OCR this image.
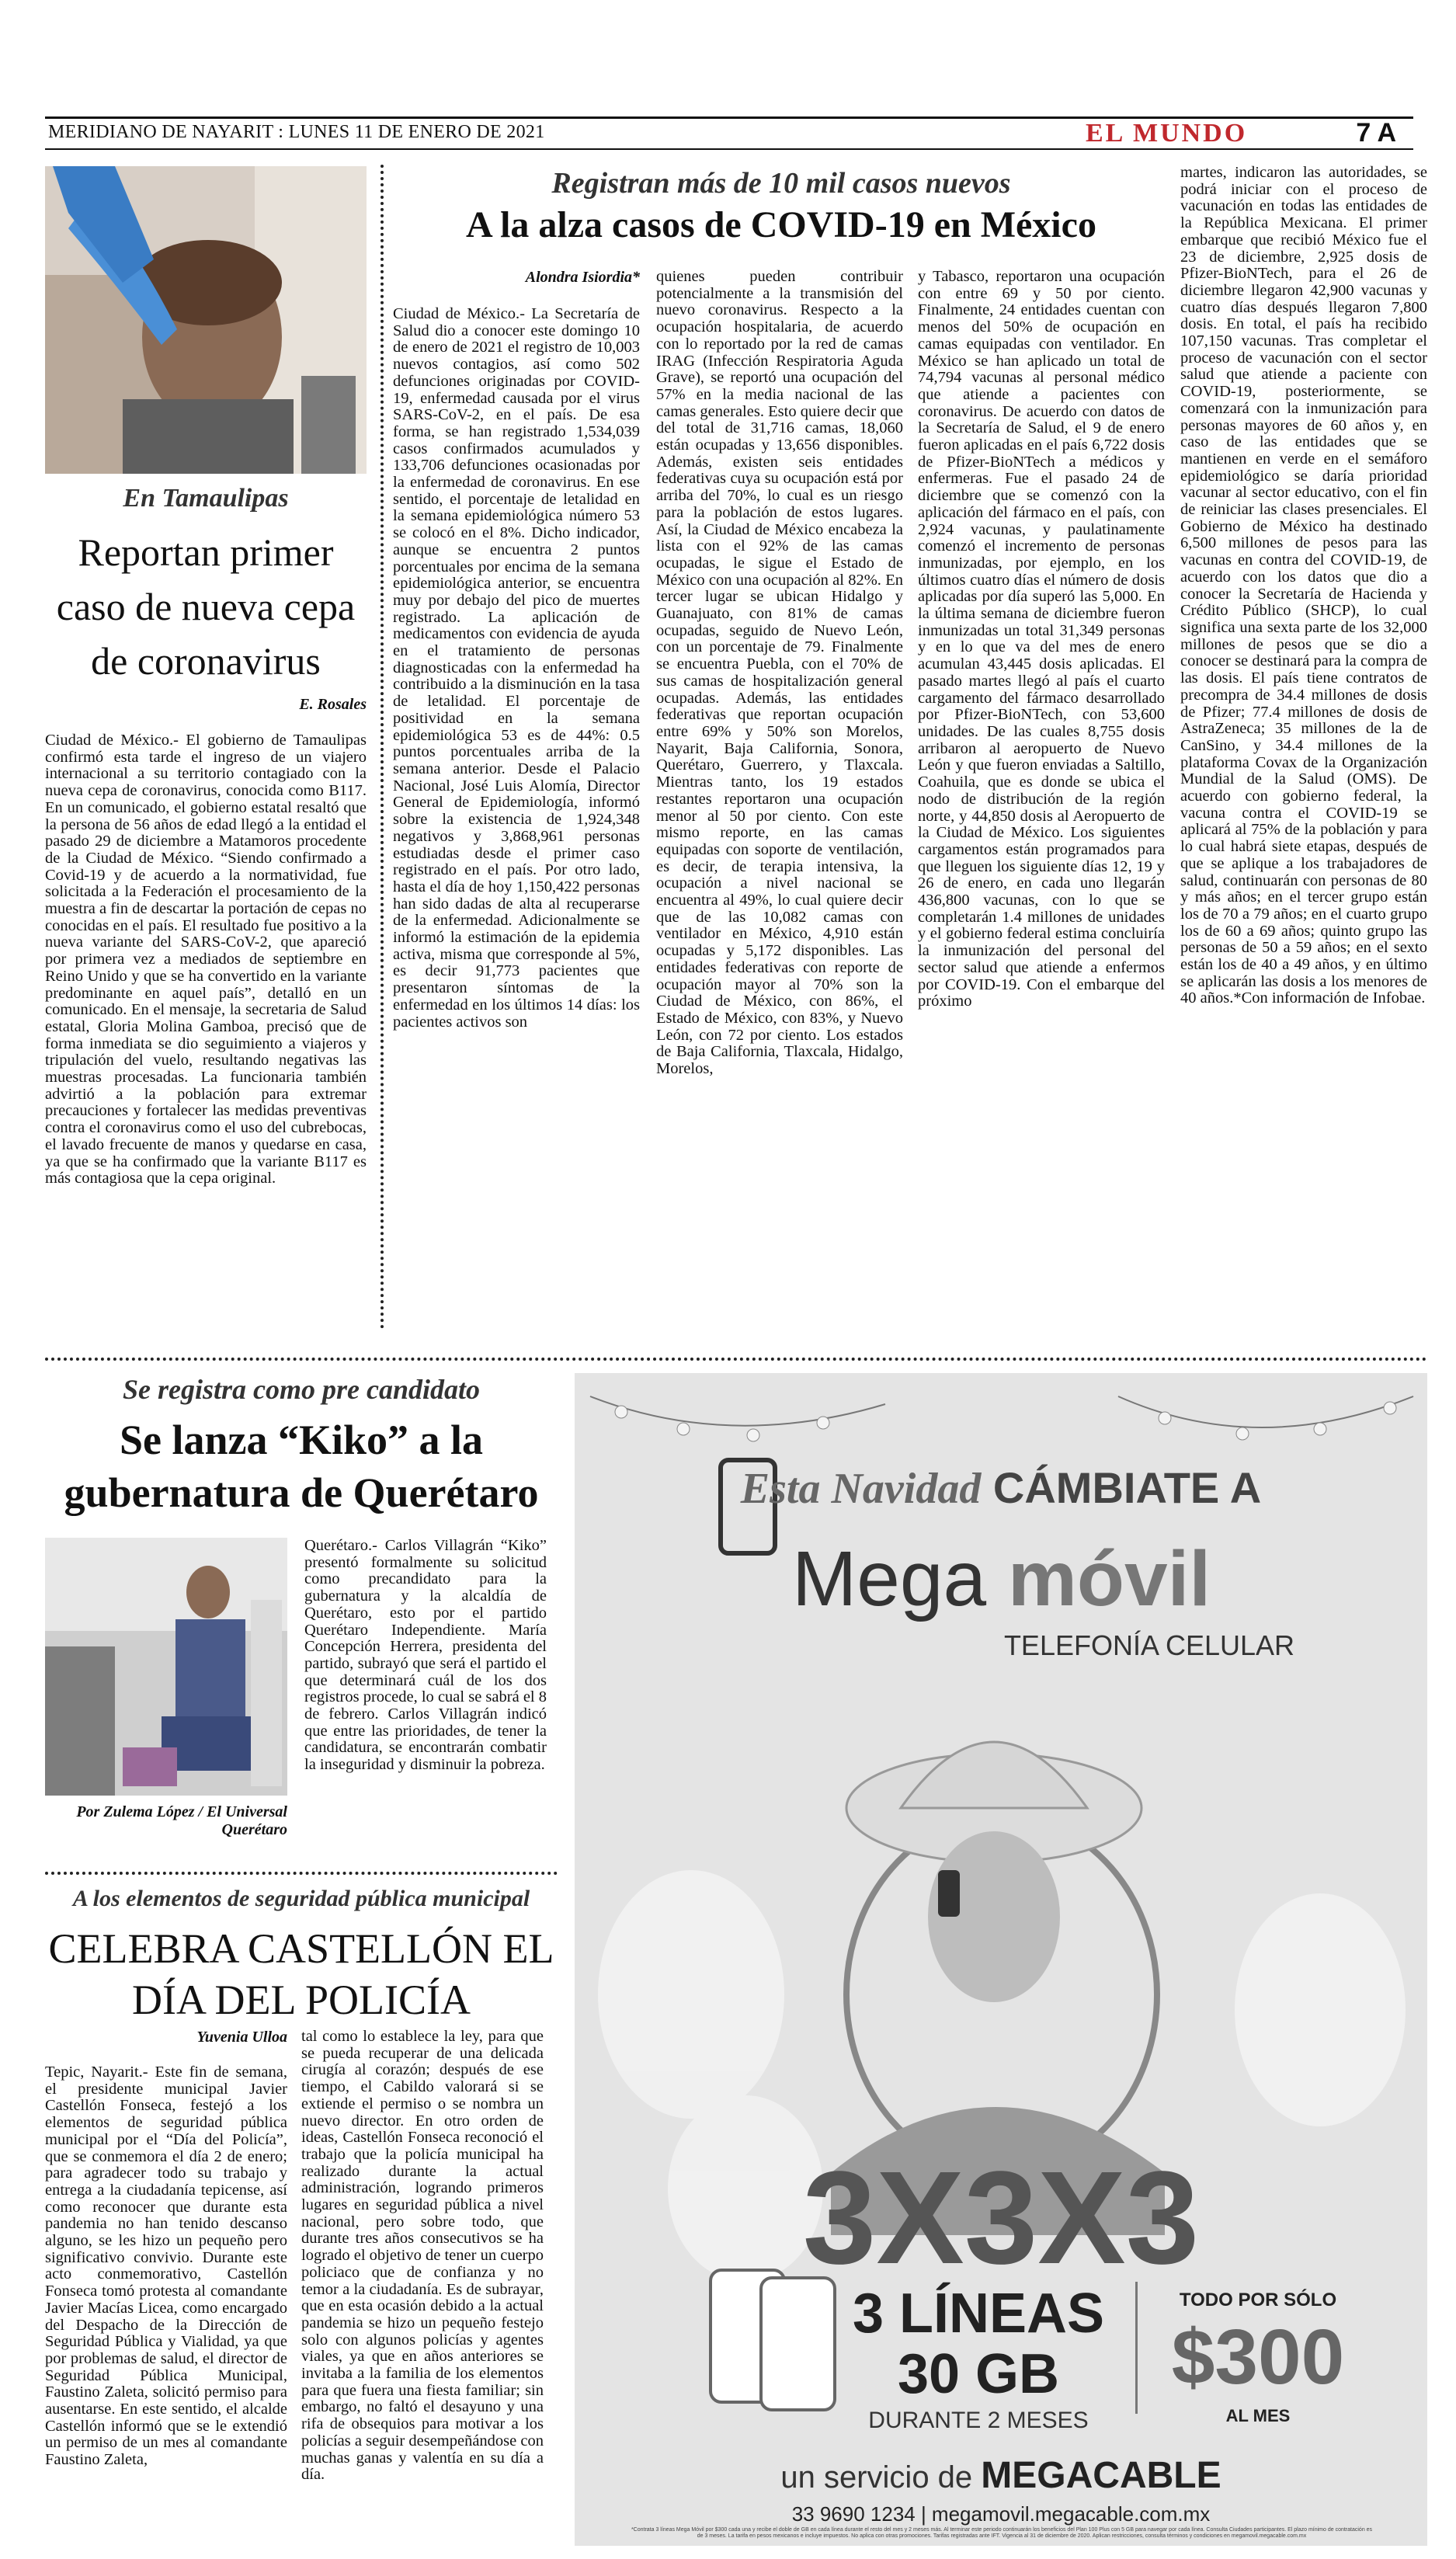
MERIDIANO DE NAYARIT : LUNES 11 DE ENERO DE 2021	EL MUNDO	7 A
En Tamaulipas
Reportan primer caso de nueva cepa de coronavirus
E. Rosales
Ciudad de México.- El gobierno de Tamaulipas confirmó esta tarde el ingreso de un viajero internacional a su territorio contagiado con la nueva cepa de coronavirus, conocida como B117. En un comunicado, el gobierno estatal resaltó que la persona de 56 años de edad llegó a la entidad el pasado 29 de diciembre a Matamoros procedente de la Ciudad de México. “Siendo confirmado a Covid-19 y de acuerdo a la normatividad, fue solicitada a la Federación el procesamiento de la muestra a fin de descartar la portación de cepas no conocidas en el país. El resultado fue positivo a la nueva variante del SARS-CoV-2, que apareció por primera vez a mediados de septiembre en Reino Unido y que se ha convertido en la variante predominante en aquel país”, detalló en un comunicado. En el mensaje, la secretaria de Salud estatal, Gloria Molina Gamboa, precisó que de forma inmediata se dio seguimiento a viajeros y tripulación del vuelo, resultando negativas las muestras procesadas. La funcionaria también advirtió a la población para extremar precauciones y fortalecer las medidas preventivas contra el coronavirus como el uso del cubrebocas, el lavado frecuente de manos y quedarse en casa, ya que se ha confirmado que la variante B117 es más contagiosa que la cepa original.
Registran más de 10 mil casos nuevos
A la alza casos de COVID-19 en México
Alondra Isiordia*
Ciudad de México.- La Secretaría de Salud dio a conocer este domingo 10 de enero de 2021 el registro de 10,003 nuevos contagios, así como 502 defunciones originadas por COVID-19, enfermedad causada por el virus SARS-CoV-2, en el país. De esa forma, se han registrado 1,534,039 casos confirmados acumulados y 133,706 defunciones ocasionadas por la enfermedad de coronavirus. En ese sentido, el porcentaje de letalidad en la semana epidemiológica número 53 se colocó en el 8%. Dicho indicador, aunque se encuentra 2 puntos porcentuales por encima de la semana epidemiológica anterior, se encuentra muy por debajo del pico de muertes registrado. La aplicación de medicamentos con evidencia de ayuda en el tratamiento de personas diagnosticadas con la enfermedad ha contribuido a la disminución en la tasa de letalidad. El porcentaje de positividad en la semana epidemiológica 53 es de 44%: 0.5 puntos porcentuales arriba de la semana anterior. Desde el Palacio Nacional, José Luis Alomía, Director General de Epidemiología, informó sobre la existencia de 1,924,348 negativos y 3,868,961 personas estudiadas desde el primer caso registrado en el país. Por otro lado, hasta el día de hoy 1,150,422 personas han sido dadas de alta al recuperarse de la enfermedad. Adicionalmente se informó la estimación de la epidemia activa, misma que corresponde al 5%, es decir 91,773 pacientes que presentaron síntomas de la enfermedad en los últimos 14 días: los pacientes activos son
quienes pueden contribuir potencialmente a la transmisión del nuevo coronavirus. Respecto a la ocupación hospitalaria, de acuerdo con lo reportado por la red de camas IRAG (Infección Respiratoria Aguda Grave), se reportó una ocupación del 57% en la media nacional de las camas generales. Esto quiere decir que del total de 31,716 camas, 18,060 están ocupadas y 13,656 disponibles. Además, existen seis entidades federativas cuya su ocupación está por arriba del 70%, lo cual es un riesgo para la población de estos lugares. Así, la Ciudad de México encabeza la lista con el 92% de las camas ocupadas, le sigue el Estado de México con una ocupación al 82%. En tercer lugar se ubican Hidalgo y Guanajuato, con 81% de camas ocupadas, seguido de Nuevo León, con un porcentaje de 79. Finalmente se encuentra Puebla, con el 70% de sus camas de hospitalización general ocupadas. Además, las entidades federativas que reportan ocupación entre 69% y 50% son Morelos, Nayarit, Baja California, Sonora, Querétaro, Guerrero, y Tlaxcala. Mientras tanto, los 19 estados restantes reportaron una ocupación menor al 50 por ciento. Con este mismo reporte, en las camas equipadas con soporte de ventilación, es decir, de terapia intensiva, la ocupación a nivel nacional se encuentra al 49%, lo cual quiere decir que de las 10,082 camas con ventilador en México, 4,910 están ocupadas y 5,172 disponibles. Las entidades federativas con reporte de ocupación mayor al 70% son la Ciudad de México, con 86%, el Estado de México, con 83%, y Nuevo León, con 72 por ciento. Los estados de Baja California, Tlaxcala, Hidalgo, Morelos,
y Tabasco, reportaron una ocupación con entre 69 y 50 por ciento. Finalmente, 24 entidades cuentan con menos del 50% de ocupación en camas equipadas con ventilador. En México se han aplicado un total de 74,794 vacunas al personal médico que atiende a pacientes con coronavirus. De acuerdo con datos de la Secretaría de Salud, el 9 de enero fueron aplicadas en el país 6,722 dosis de Pfizer-BioNTech a médicos y enfermeras. Fue el pasado 24 de diciembre que se comenzó con la aplicación del fármaco en el país, con 2,924 vacunas, y paulatinamente comenzó el incremento de personas inmunizadas, por ejemplo, en los últimos cuatro días el número de dosis aplicadas por día superó las 5,000. En la última semana de diciembre fueron inmunizadas un total 31,349 personas y en lo que va del mes de enero acumulan 43,445 dosis aplicadas. El pasado martes llegó al país el cuarto cargamento del fármaco desarrollado por Pfizer-BioNTech, con 53,600 unidades. De las cuales 8,755 dosis arribaron al aeropuerto de Nuevo León y que fueron enviadas a Saltillo, Coahuila, que es donde se ubica el nodo de distribución de la región norte, y 44,850 dosis al Aeropuerto de la Ciudad de México. Los siguientes cargamentos están programados para que lleguen los siguiente días 12, 19 y 26 de enero, en cada uno llegarán 436,800 vacunas, con lo que se completarán 1.4 millones de unidades y el gobierno federal estima concluiría la inmunización del personal del sector salud que atiende a enfermos por COVID-19. Con el embarque del próximo
martes, indicaron las autoridades, se podrá iniciar con el proceso de vacunación en todas las entidades de la República Mexicana. El primer embarque que recibió México fue el 23 de diciembre, 2,925 dosis de Pfizer-BioNTech, para el 26 de diciembre llegaron 42,900 vacunas y cuatro días después llegaron 7,800 dosis. En total, el país ha recibido 107,150 vacunas. Tras completar el proceso de vacunación con el sector salud que atiende a paciente con COVID-19, posteriormente, se comenzará con la inmunización para personas mayores de 60 años y, en caso de las entidades que se mantienen en verde en el semáforo epidemiológico se daría prioridad vacunar al sector educativo, con el fin de reiniciar las clases presenciales. El Gobierno de México ha destinado 6,500 millones de pesos para las vacunas en contra del COVID-19, de acuerdo con los datos que dio a conocer la Secretaría de Hacienda y Crédito Público (SHCP), lo cual significa una sexta parte de los 32,000 millones de pesos que se dio a conocer se destinará para la compra de las dosis. El país tiene contratos de precompra de 34.4 millones de dosis de Pfizer; 77.4 millones de dosis de AstraZeneca; 35 millones de la de CanSino, y 34.4 millones de la plataforma Covax de la Organización Mundial de la Salud (OMS). De acuerdo con gobierno federal, la vacuna contra el COVID-19 se aplicará al 75% de la población y para lo cual habrá siete etapas, después de que se aplique a los trabajadores de salud, continuarán con personas de 80 y más años; en el tercer grupo están los de 70 a 79 años; en el cuarto grupo los de 60 a 69 años; quinto grupo las personas de 50 a 59 años; en el sexto están los de 40 a 49 años, y en último se aplicarán las dosis a los menores de 40 años.*Con información de Infobae.
Se registra como pre candidato
Se lanza “Kiko” a la gubernatura de Querétaro
Por Zulema López / El Universal Querétaro
Querétaro.- Carlos Villagrán “Kiko” presentó formalmente su solicitud como precandidato para la gubernatura y la alcaldía de Querétaro, esto por el partido Querétaro Independiente. María Concepción Herrera, presidenta del partido, subrayó que será el partido el que determinará cuál de los dos registros procede, lo cual se sabrá el 8 de febrero. Carlos Villagrán indicó que entre las prioridades, de tener la candidatura, se encontrarán combatir la inseguridad y disminuir la pobreza.
A los elementos de seguridad pública municipal
CELEBRA CASTELLÓN EL DÍA DEL POLICÍA
Yuvenia Ulloa
Tepic, Nayarit.- Este fin de semana, el presidente municipal Javier Castellón Fonseca, festejó a los elementos de seguridad pública municipal por el “Día del Policía”, que se conmemora el día 2 de enero; para agradecer todo su trabajo y entrega a la ciudadanía tepicense, así como reconocer que durante esta pandemia no han tenido descanso alguno, se les hizo un pequeño pero significativo convivio. Durante este acto conmemorativo, Castellón Fonseca tomó protesta al comandante Javier Macías Licea, como encargado del Despacho de la Dirección de Seguridad Pública y Vialidad, ya que por problemas de salud, el director de Seguridad Pública Municipal, Faustino Zaleta, solicitó permiso para ausentarse. En este sentido, el alcalde Castellón informó que se le extendió un permiso de un mes al comandante Faustino Zaleta,
tal como lo establece la ley, para que se pueda recuperar de una delicada cirugía al corazón; después de ese tiempo, el Cabildo valorará si se extiende el permiso o se nombra un nuevo director. En otro orden de ideas, Castellón Fonseca reconoció el trabajo que la policía municipal ha realizado durante la actual administración, logrando primeros lugares en seguridad pública a nivel nacional, pero sobre todo, que durante tres años consecutivos se ha logrado el objetivo de tener un cuerpo policiaco que de confianza y no temor a la ciudadanía. Es de subrayar, que en esta ocasión debido a la actual pandemia se hizo un pequeño festejo solo con algunos policías y agentes viales, ya que en años anteriores se invitaba a la familia de los elementos para que fuera una fiesta familiar; sin embargo, no faltó el desayuno y una rifa de obsequios para motivar a los policías a seguir desempeñándose con muchas ganas y valentía en su día a día.
Esta Navidad CÁMBIATE A
Mega móvil
TELEFONÍA CELULAR
3X3X3
3 LÍNEAS
30 GB
DURANTE 2 MESES
TODO POR SÓLO
$300
AL MES
un servicio de MEGACABLE
33 9690 1234 | megamovil.megacable.com.mx
*Contrata 3 líneas Mega Móvil por $300 cada una y recibe el doble de GB en cada línea durante el resto del mes y 2 meses más. Al terminar este periodo continuarán los beneficios del Plan 100 Plus con 5 GB para navegar por cada línea. Consulta Ciudades participantes. El plazo mínimo de contratación es de 3 meses. La tarifa en pesos mexicanos e incluye impuestos. No aplica con otras promociones. Tarifas registradas ante IFT. Vigencia al 31 de diciembre de 2020. Aplican restricciones, consulta términos y condiciones en megamovil.megacable.com.mx
